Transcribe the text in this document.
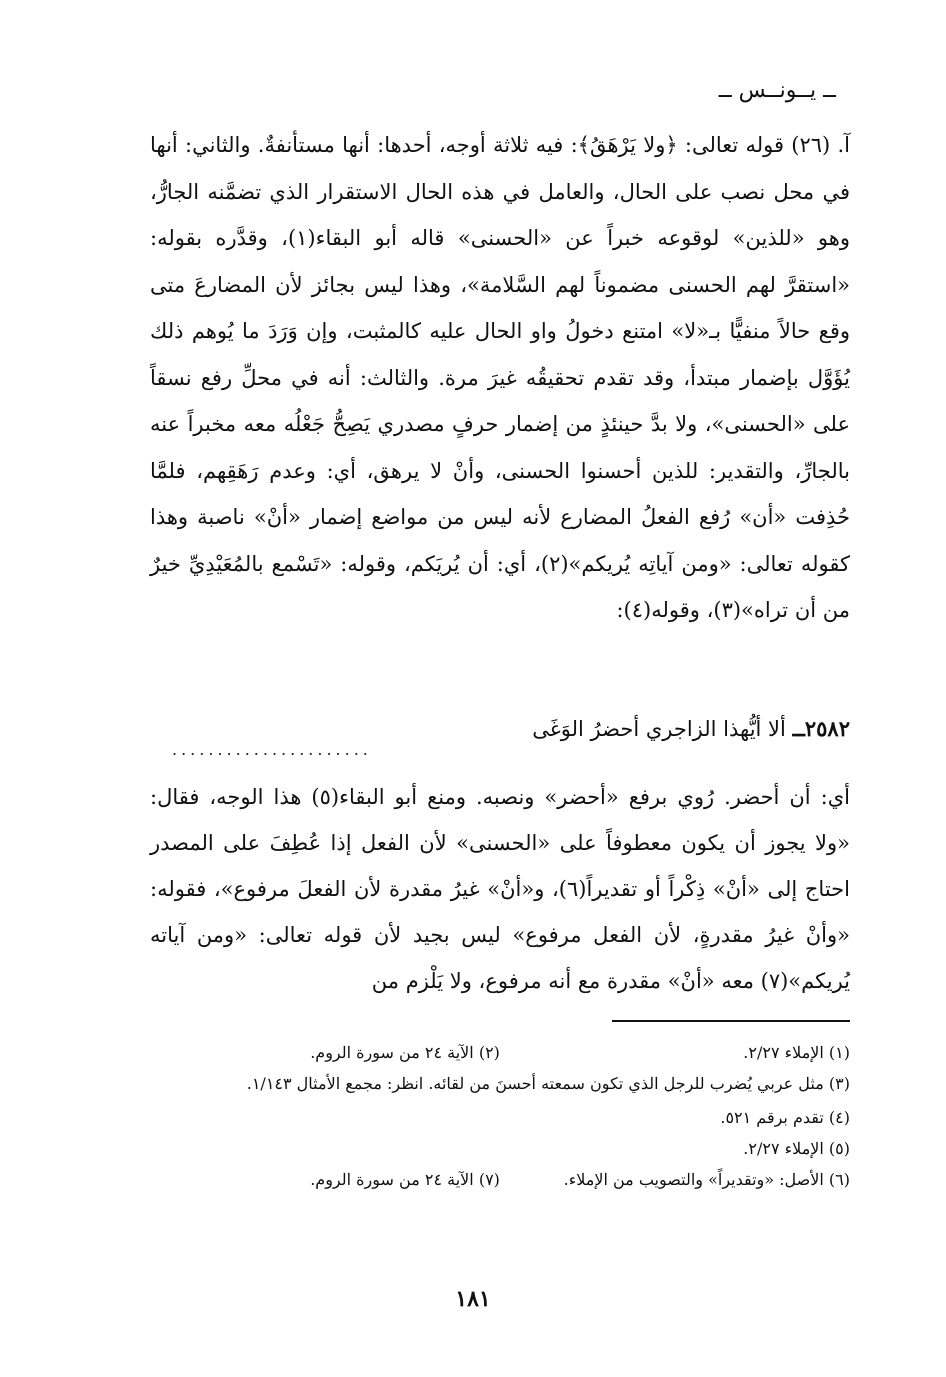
ــ يــونــس ــ
آ. (٢٦) قوله تعالى: ﴿ولا يَرْهَقُ﴾: فيه ثلاثة أوجه، أحدها: أنها مستأنفةٌ. والثاني: أنها في محل نصب على الحال، والعامل في هذه الحال الاستقرار الذي تضمَّنه الجارُّ، وهو «للذين» لوقوعه خبراً عن «الحسنى» قاله أبو البقاء(١)، وقدَّره بقوله: «استقرَّ لهم الحسنى مضموناً لهم السَّلامة»، وهذا ليس بجائز لأن المضارعَ متى وقع حالاً منفيًّا بـ«لا» امتنع دخولُ واو الحال عليه كالمثبت، وإن وَرَدَ ما يُوهم ذلك يُؤَوَّل بإضمار مبتدأ، وقد تقدم تحقيقُه غيرَ مرة. والثالث: أنه في محلِّ رفع نسقاً على «الحسنى»، ولا بدَّ حينئذٍ من إضمار حرفٍ مصدري يَصِحُّ جَعْلُه معه مخبراً عنه بالجارِّ، والتقدير: للذين أحسنوا الحسنى، وأنْ لا يرهق، أي: وعدم رَهَقِهم، فلمَّا حُذِفت «أن» رُفع الفعلُ المضارع لأنه ليس من مواضع إضمار «أنْ» ناصبة وهذا كقوله تعالى: «ومن آياتِه يُريكم»(٢)، أي: أن يُريَكم، وقوله: «تَسْمع بالمُعَيْدِيِّ خيرٌ من أن تراه»(٣)، وقوله(٤):
٢٥٨٢ــ ألا أيُّهذا الزاجري أحضرُ الوَغَى
......................
أي: أن أحضر. رُوي برفع «أحضر» ونصبه. ومنع أبو البقاء(٥) هذا الوجه، فقال: «ولا يجوز أن يكون معطوفاً على «الحسنى» لأن الفعل إذا عُطِفَ على المصدر احتاج إلى «أنْ» ذِكْراً أو تقديراً(٦)، و«أنْ» غيرُ مقدرة لأن الفعلَ مرفوع»، فقوله: «وأنْ غيرُ مقدرةٍ، لأن الفعل مرفوع» ليس بجيد لأن قوله تعالى: «ومن آياته يُريكم»(٧) معه «أنْ» مقدرة مع أنه مرفوع، ولا يَلْزم من
(١) الإملاء ٢/٢٧. (٢) الآية ٢٤ من سورة الروم.
(٣) مثل عربي يُضرب للرجل الذي تكون سمعته أحسنَ من لقائه. انظر: مجمع الأمثال ١/١٤٣.
(٤) تقدم برقم ٥٢١.
(٥) الإملاء ٢/٢٧.
(٦) الأصل: «وتقديراً» والتصويب من الإملاء. (٧) الآية ٢٤ من سورة الروم.
١٨١
